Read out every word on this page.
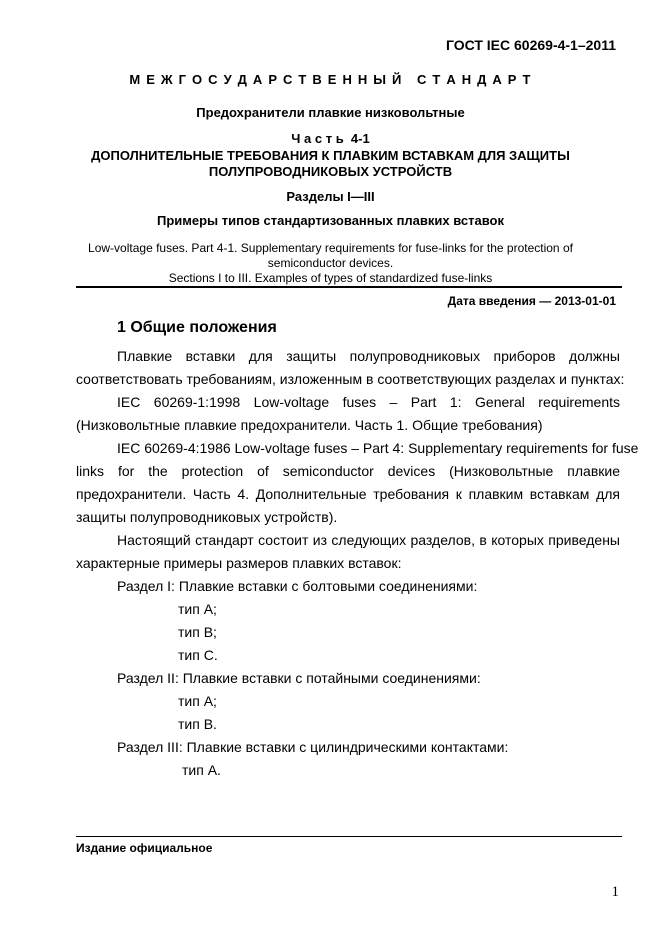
ГОСТ IEC 60269-4-1–2011
М Е Ж Г О С У Д А Р С Т В Е Н Н Ы Й   С Т А Н Д А Р Т
Предохранители плавкие низковольтные
Ч а с т ь  4-1
ДОПОЛНИТЕЛЬНЫЕ ТРЕБОВАНИЯ К ПЛАВКИМ ВСТАВКАМ ДЛЯ ЗАЩИТЫ
ПОЛУПРОВОДНИКОВЫХ УСТРОЙСТВ
Разделы I—III
Примеры типов стандартизованных плавких вставок
Low-voltage fuses. Part 4-1. Supplementary requirements for fuse-links for the protection of
semiconductor devices.
Sections I to III. Examples of types of standardized fuse-links
Дата введения — 2013-01-01
1 Общие положения
Плавкие вставки для защиты полупроводниковых приборов должны
соответствовать требованиям, изложенным в соответствующих разделах и пунктах:
IEC 60269-1:1998 Low-voltage fuses – Part 1: General requirements
(Низковольтные плавкие предохранители. Часть 1. Общие требования)
IEC 60269-4:1986 Low-voltage fuses – Part 4: Supplementary requirements for fuse
links for the protection of semiconductor devices (Низковольтные плавкие
предохранители. Часть 4. Дополнительные требования к плавким вставкам для
защиты полупроводниковых устройств).
Настоящий стандарт состоит из следующих разделов, в которых приведены
характерные примеры размеров плавких вставок:
Раздел I: Плавкие вставки с болтовыми соединениями:
тип А;
тип В;
тип С.
Раздел II: Плавкие вставки с потайными соединениями:
тип А;
тип В.
Раздел III: Плавкие вставки с цилиндрическими контактами:
тип А.
Издание официальное
1
